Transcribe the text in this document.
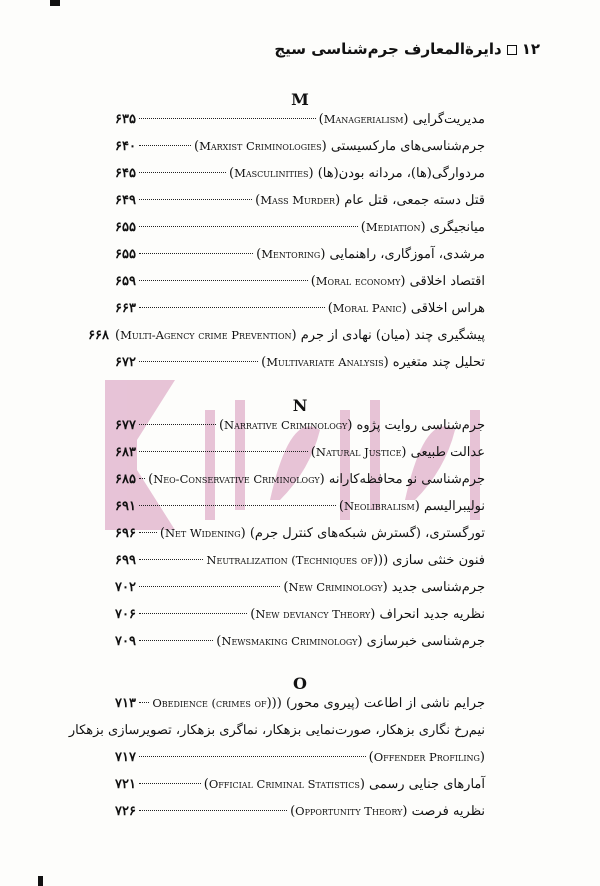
۱۲دایرةالمعارف جرم‌شناسی سیج
M
مدیریت‌گرایی (Managerialism)
۶۳۵
جرم‌شناسی‌های مارکسیستی (Marxist Criminologies)
۶۴۰
مردوارگی(ها)، مردانه بودن(ها) (Masculinities)
۶۴۵
قتل دسته جمعی، قتل عام (Mass Murder)
۶۴۹
میانجیگری (Mediation)
۶۵۵
مرشدی، آموزگاری، راهنمایی (Mentoring)
۶۵۵
اقتصاد اخلاقی (Moral economy)
۶۵۹
هراس اخلاقی (Moral Panic)
۶۶۳
پیشگیری چند (میان) نهادی از جرم (Multi-Agency crime Prevention)
۶۶۸
تحلیل چند متغیره (Multivariate Analysis)
۶۷۲
N
جرم‌شناسی روایت پژوه (Narrative Criminology)
۶۷۷
عدالت طبیعی (Natural Justice)
۶۸۳
جرم‌شناسی نو محافظه‌کارانه (Neo-Conservative Criminology)
۶۸۵
نولیبرالیسم (Neolibralism)
۶۹۱
تورگستری، (گسترش شبکه‌های کنترل جرم) (Net Widening)
۶۹۶
فنون خنثی سازی ((Neutralization (Techniques of)
۶۹۹
جرم‌شناسی جدید (New Criminology)
۷۰۲
نظریه جدید انحراف (New deviancy Theory)
۷۰۶
جرم‌شناسی خبرسازی (Newsmaking Criminology)
۷۰۹
O
جرایم ناشی از اطاعت (پیروی محور) ((Obedience (crimes of)
۷۱۳
نیم‌رخ نگاری بزهکار، صورت‌نمایی بزهکار، نماگری بزهکار، تصویرسازی بزهکار
(Offender Profiling)
۷۱۷
آمارهای جنایی رسمی (Official Criminal Statistics)
۷۲۱
نظریه فرصت (Opportunity Theory)
۷۲۶
